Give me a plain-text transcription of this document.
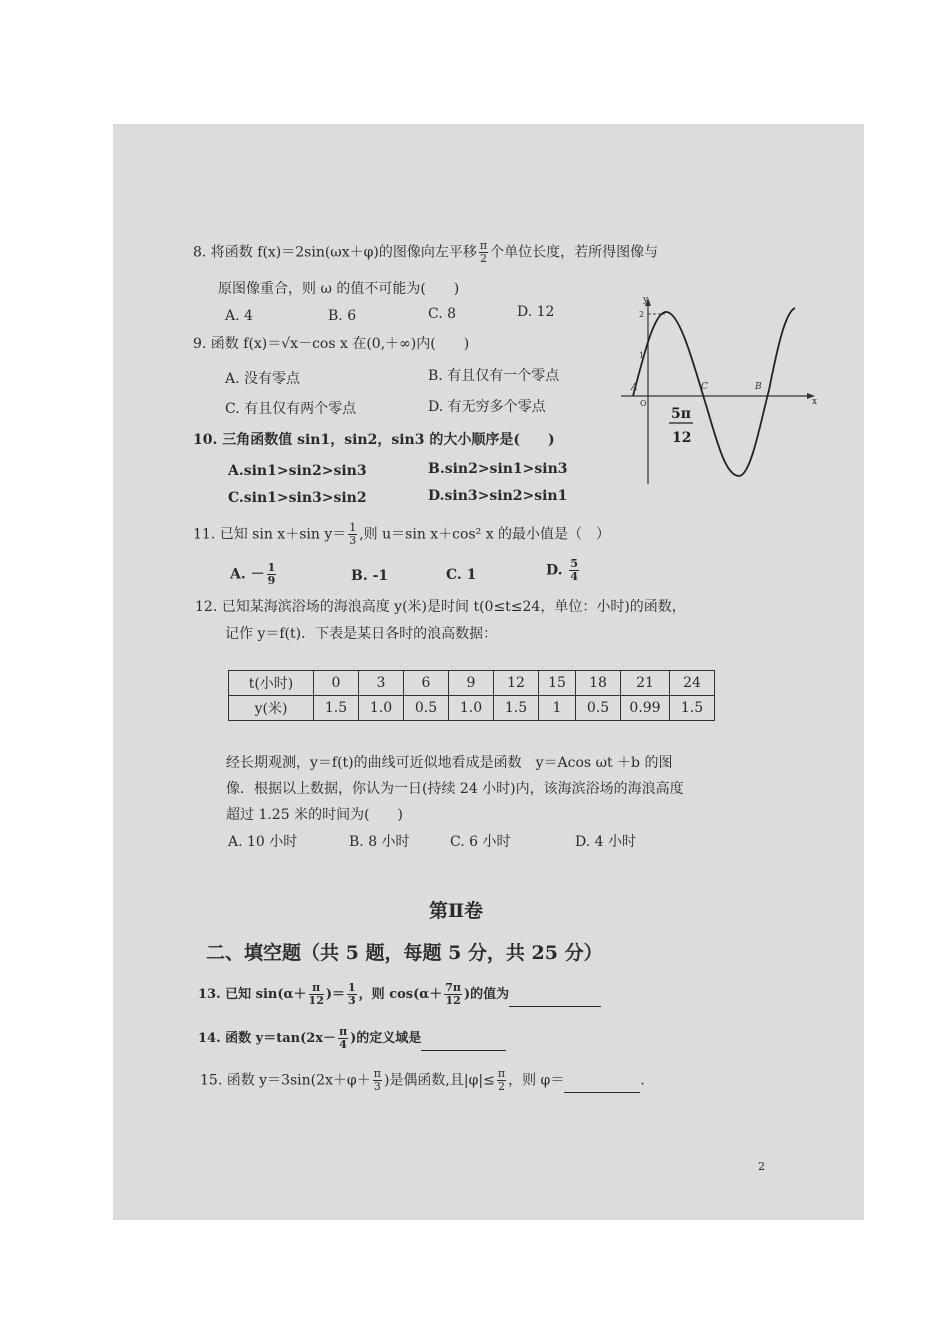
8. 将函数 f(x)＝2sin(ωx＋φ)的图像向左平移 $\frac{\pi}{2}$ 个单位长度，若所得图像与
原图像重合，则 ω 的值不可能为(　　)
A. 4	B. 6	C. 8	D. 12
9. 函数 f(x)＝√x－cos x 在(0,＋∞)内(　　)
A. 没有零点	B. 有且仅有一个零点
C. 有且仅有两个零点	D. 有无穷多个零点
10. 三角函数值 sin1，sin2，sin3 的大小顺序是(　　)
A.sin1>sin2>sin3	B.sin2>sin1>sin3
C.sin1>sin3>sin2	D.sin3>sin2>sin1
y
x
O
2
1
A	C	B
5π
12
11. 已知 sin x＋sin $y= \frac{1}{3}$ ,则 u＝sin x＋cos² x 的最小值是（　）
A. － $\frac{1}{9}$	B. -1	C. 1	D. $\frac{5}{4}$
12. 已知某海滨浴场的海浪高度 y(米)是时间 t(0≤t≤24，单位：小时)的函数，
记作 y＝f(t)．下表是某日各时的浪高数据：
t(小时)	0	3	6	9	12	15	18	21	24
y(米)	1.5	1.0	0.5	1.0	1.5	1	0.5	0.99	1.5
经长期观测，y＝f(t)的曲线可近似地看成是函数　y＝Acos ωt ＋b 的图
像．根据以上数据，你认为一日(持续 24 小时)内，该海滨浴场的海浪高度
超过 1.25 米的时间为(　　)
A. 10 小时	B. 8 小时	C. 6 小时	D. 4 小时
第Ⅱ卷
二、填空题（共 5 题，每题 5 分，共 25 分）
13. 已知 $\sin(\alpha+ \frac{\pi}{12}$ )＝ $\frac{1}{3}$ ，则 $\cos(\alpha+ \frac{7\pi}{12}$ )的值为
14. 函数 $y=\tan(2x- \frac{\pi}{4}$ )的定义域是
15. 函数 $y=3\sin(2x+\varphi+ \frac{\pi}{3}$ )是偶函数,且$|\varphi|\le \frac{\pi}{2}$ ，则 φ＝	.
2
